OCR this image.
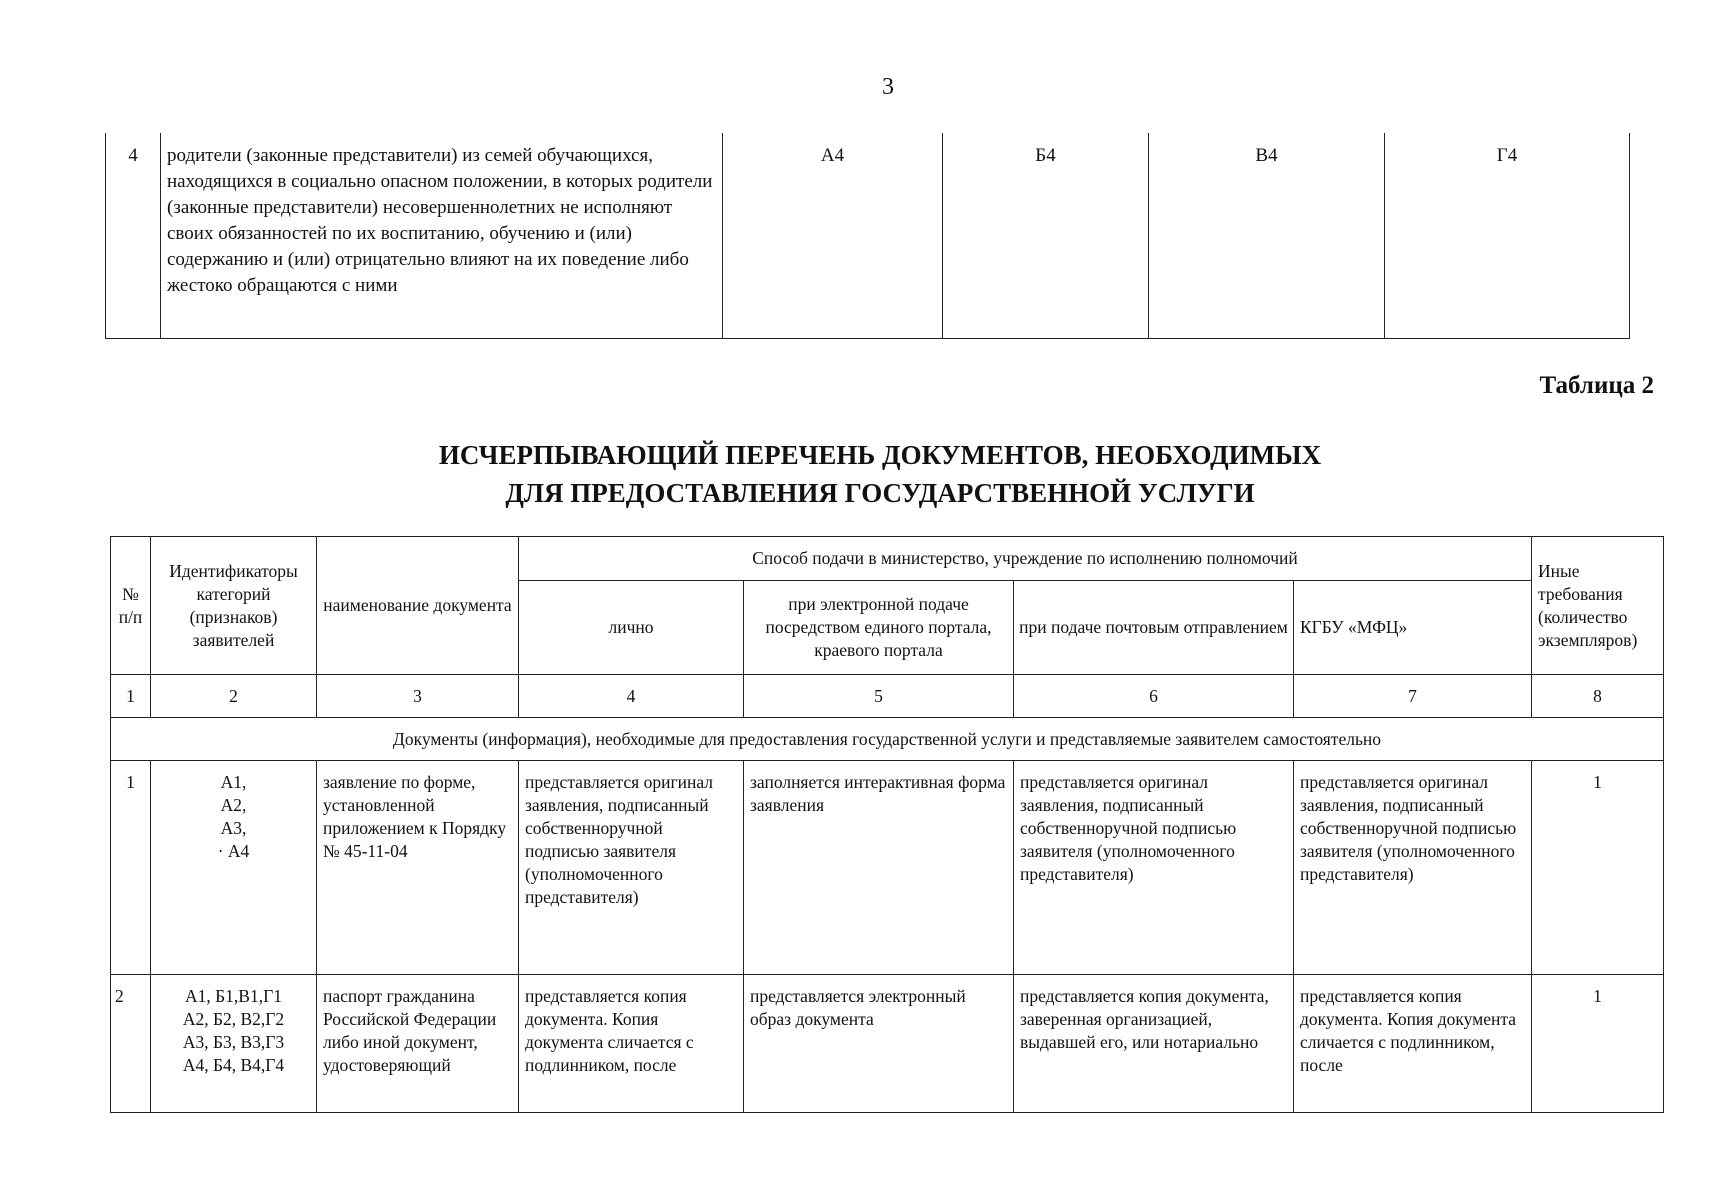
3
4	родители (законные представители) из семей обучающихся, находящихся в социально опасном положении, в которых родители (законные представители) несовершеннолетних не исполняют своих обязанностей по их воспитанию, обучению и (или) содержанию и (или) отрицательно влияют на их поведение либо жестоко обращаются с ними	А4	Б4	В4	Г4
Таблица 2
ИСЧЕРПЫВАЮЩИЙ ПЕРЕЧЕНЬ ДОКУМЕНТОВ, НЕОБХОДИМЫХ
ДЛЯ ПРЕДОСТАВЛЕНИЯ ГОСУДАРСТВЕННОЙ УСЛУГИ
№ п/п	Идентификаторы категорий (признаков) заявителей	наименование документа	Способ подачи в министерство, учреждение по исполнению полномочий				Иные требования (количество экземпляров)
			лично	при электронной подаче посредством единого портала, краевого портала	при подаче почтовым отправлением	КГБУ «МФЦ»	
1	2	3	4	5	6	7	8
Документы (информация), необходимые для предоставления государственной услуги и представляемые заявителем самостоятельно							
1	А1,
А2,
А3,
· А4	заявление по форме, установленной приложением к Порядку № 45-11-04	представляется оригинал заявления, подписанный собственноручной подписью заявителя (уполномоченного представителя)	заполняется интерактивная форма заявления	представляется оригинал заявления, подписанный собственноручной подписью заявителя (уполномоченного представителя)	представляется оригинал заявления, подписанный собственноручной подписью заявителя (уполномоченного представителя)	1
2	А1, Б1,В1,Г1
А2, Б2, В2,Г2
А3, Б3, В3,Г3
А4, Б4, В4,Г4	паспорт гражданина Российской Федерации либо иной документ, удостоверяющий	представляется копия документа. Копия документа сличается с подлинником, после	представляется электронный образ документа	представляется копия документа, заверенная организацией, выдавшей его, или нотариально	представляется копия документа. Копия документа сличается с подлинником, после	1
